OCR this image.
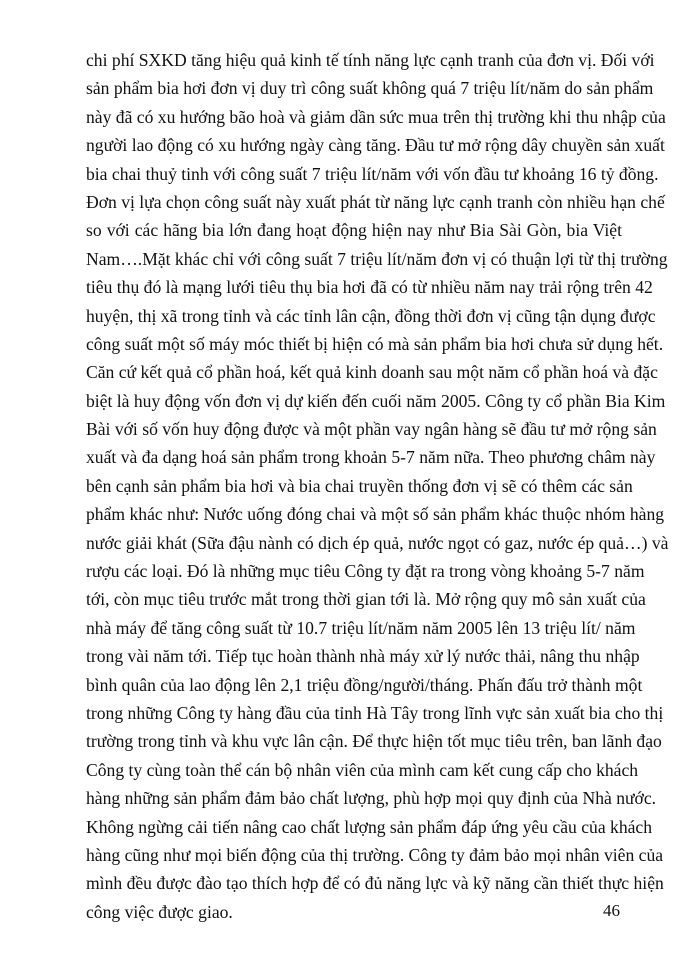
chi phí SXKD tăng hiệu quả kinh tế tính năng lực cạnh tranh của đơn vị. Đối với
sản phẩm bia hơi đơn vị duy trì công suất không quá 7 triệu lít/năm do sản phẩm
này đã có xu hướng bão hoà và giảm dần sức mua trên thị trường khi thu nhập của
người lao động có xu hướng ngày càng tăng. Đầu tư mở rộng dây chuyền sản xuất
bia chai thuỷ tinh với công suất 7 triệu lít/năm với vốn đầu tư khoảng 16 tỷ đồng.
Đơn vị lựa chọn công suất này xuất phát từ năng lực cạnh tranh còn nhiều hạn chế
so với các hãng bia lớn đang hoạt động hiện nay như Bia Sài Gòn, bia Việt
Nam….Mặt khác chỉ với công suất 7 triệu lít/năm đơn vị có thuận lợi từ thị trường
tiêu thụ đó là mạng lưới tiêu thụ bia hơi đã có từ nhiều năm nay trải rộng trên 42
huyện, thị xã trong tỉnh và các tỉnh lân cận, đồng thời đơn vị cũng tận dụng được
công suất một số máy móc thiết bị hiện có mà sản phẩm bia hơi chưa sử dụng hết.
Căn cứ kết quả cổ phần hoá, kết quả kinh doanh sau một năm cổ phần hoá và đặc
biệt là huy động vốn đơn vị dự kiến đến cuối năm 2005. Công ty cổ phần Bia Kim
Bài với số vốn huy động được và một phần vay ngân hàng sẽ đầu tư mở rộng sản
xuất và đa dạng hoá sản phẩm trong khoản 5-7 năm nữa. Theo phương châm này
bên cạnh sản phẩm bia hơi và bia chai truyền thống đơn vị sẽ có thêm các sản
phẩm khác như: Nước uống đóng chai và một số sản phẩm khác thuộc nhóm hàng
nước giải khát (Sữa đậu nành có dịch ép quả, nước ngọt có gaz, nước ép quả…) và
rượu các loại. Đó là những mục tiêu Công ty đặt ra trong vòng khoảng 5-7 năm
tới, còn mục tiêu trước mắt trong thời gian tới là. Mở rộng quy mô sản xuất của
nhà máy để tăng công suất từ 10.7 triệu lít/năm năm 2005 lên 13 triệu lít/ năm
trong vài năm tới. Tiếp tục hoàn thành nhà máy xử lý nước thải, nâng thu nhập
bình quân của lao động lên 2,1 triệu đồng/người/tháng. Phấn đấu trở thành một
trong những Công ty hàng đầu của tỉnh Hà Tây trong lĩnh vực sản xuất bia cho thị
trường trong tỉnh và khu vực lân cận. Để thực hiện tốt mục tiêu trên, ban lãnh đạo
Công ty cùng toàn thể cán bộ nhân viên của mình cam kết cung cấp cho khách
hàng những sản phẩm đảm bảo chất lượng, phù hợp mọi quy định của Nhà nước.
Không ngừng cải tiến nâng cao chất lượng sản phẩm đáp ứng yêu cầu của khách
hàng cũng như mọi biến động của thị trường. Công ty đảm bảo mọi nhân viên của
mình đều được đào tạo thích hợp để có đủ năng lực và kỹ năng cần thiết thực hiện
công việc được giao.	46
